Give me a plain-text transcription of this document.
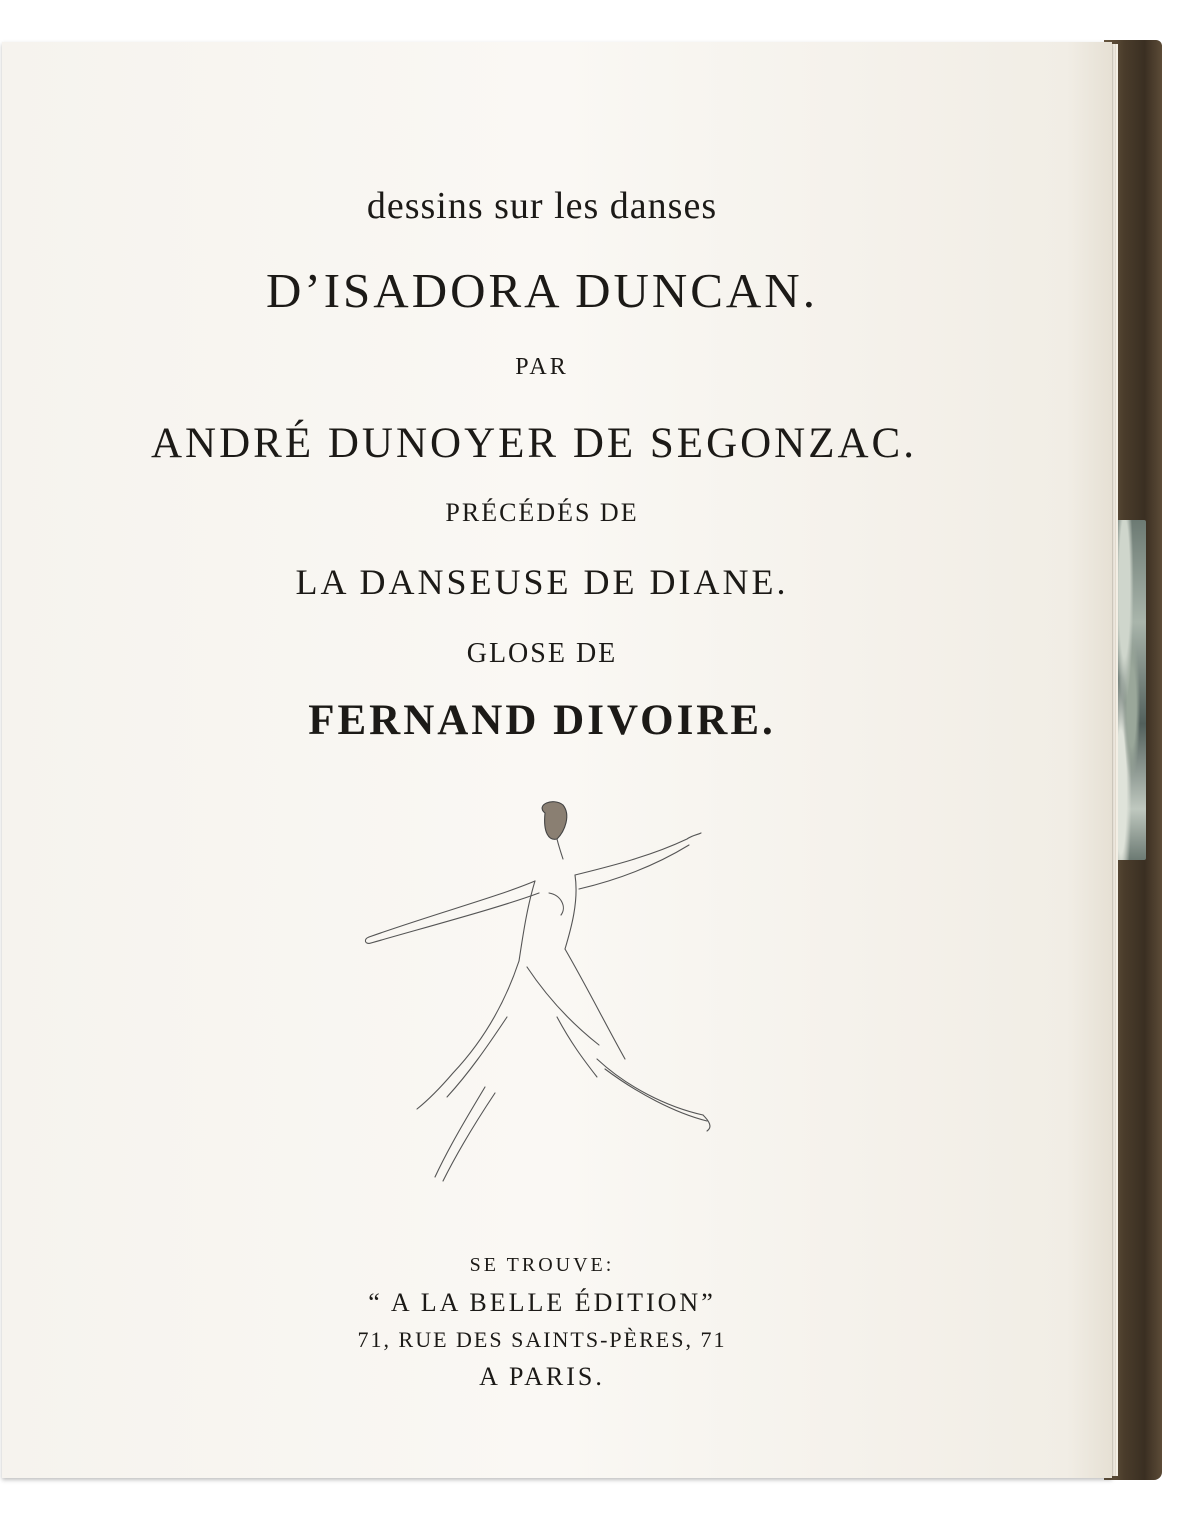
dessins sur les danses
D’ISADORA DUNCAN.
PAR
ANDRÉ DUNOYER DE SEGONZAC.
PRÉCÉDÉS DE
LA DANSEUSE DE DIANE.
GLOSE DE
FERNAND DIVOIRE.
SE TROUVE:
“ A LA BELLE ÉDITION”
71, RUE DES SAINTS-PÈRES, 71
A PARIS.
